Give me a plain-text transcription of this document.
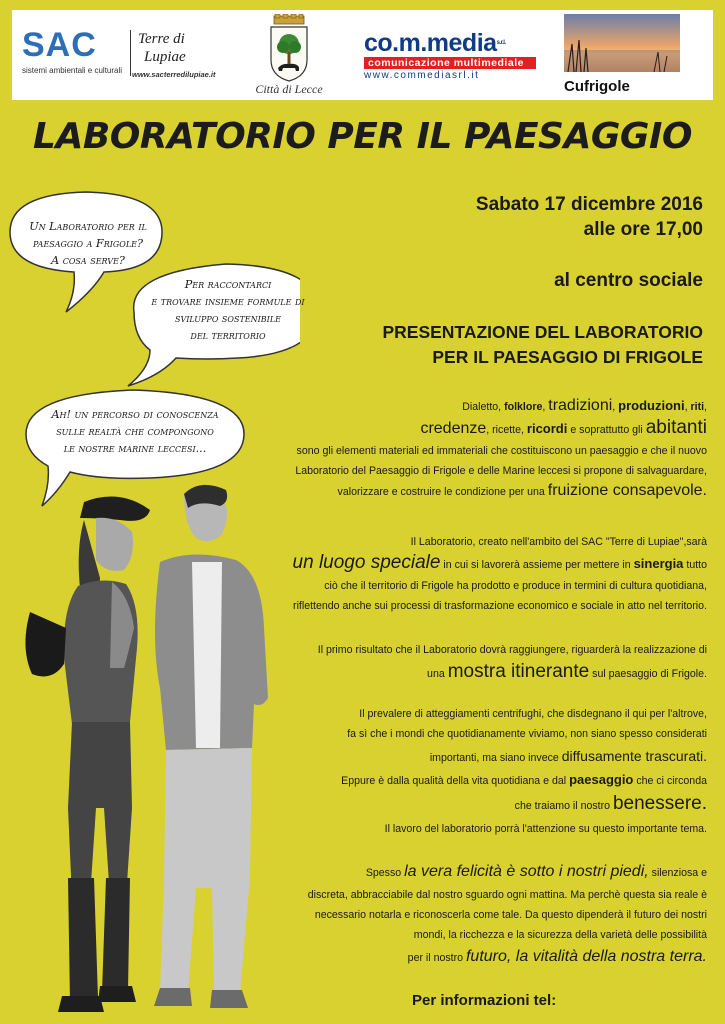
SAC
sistemi ambientali e culturali
Terre di
Lupiae
www.sacterredilupiae.it
Città di Lecce
co.m.media$^{s.r.l.}$
comunicazione multimediale
www.commediasrl.it
Cufrigole
LABORATORIO PER IL PAESAGGIO
Sabato 17 dicembre 2016
alle ore 17,00
al centro sociale
PRESENTAZIONE DEL LABORATORIO
PER IL PAESAGGIO DI FRIGOLE
Un Laboratorio per il
paesaggio a Frigole?
A cosa serve?
Per raccontarci
e trovare insieme formule di
sviluppo sostenibile
del territorio
Ah! un percorso di conoscenza
sulle realtà che compongono
le nostre marine leccesi...
Dialetto, folklore, tradizioni, produzioni, riti,
credenze, ricette, ricordi e soprattutto gli abitanti
sono gli elementi materiali ed immateriali che costituiscono un paesaggio e che il nuovo
Laboratorio del Paesaggio di Frigole e delle Marine leccesi si propone di salvaguardare,
valorizzare e costruire le condizione per una fruizione consapevole.
Il Laboratorio, creato nell'ambito del SAC "Terre di Lupiae",sarà
un luogo speciale in cui si lavorerà assieme per mettere in sinergia tutto
ciò che il territorio di Frigole ha prodotto e produce in termini di cultura quotidiana,
riflettendo anche sui processi di trasformazione economico e sociale in atto nel territorio.
Il primo risultato che il Laboratorio dovrà raggiungere, riguarderà la realizzazione di
una mostra itinerante sul paesaggio di Frigole.
Il prevalere di atteggiamenti centrifughi, che disdegnano il qui per l'altrove,
fa sì che i mondi che quotidianamente viviamo, non siano spesso considerati
importanti, ma siano invece diffusamente trascurati.
Eppure è dalla qualità della vita quotidiana e dal paesaggio che ci circonda
che traiamo il nostro benessere.
Il lavoro del laboratorio porrà l'attenzione su questo importante tema.
Spesso la vera felicità è sotto i nostri piedi, silenziosa e
discreta, abbracciabile dal nostro sguardo ogni mattina. Ma perchè questa sia reale è
necessario notarla e riconoscerla come tale. Da questo dipenderà il futuro dei nostri
mondi, la ricchezza e la sicurezza della varietà delle possibilità
per il nostro futuro, la vitalità della nostra terra.
Per informazioni tel:
